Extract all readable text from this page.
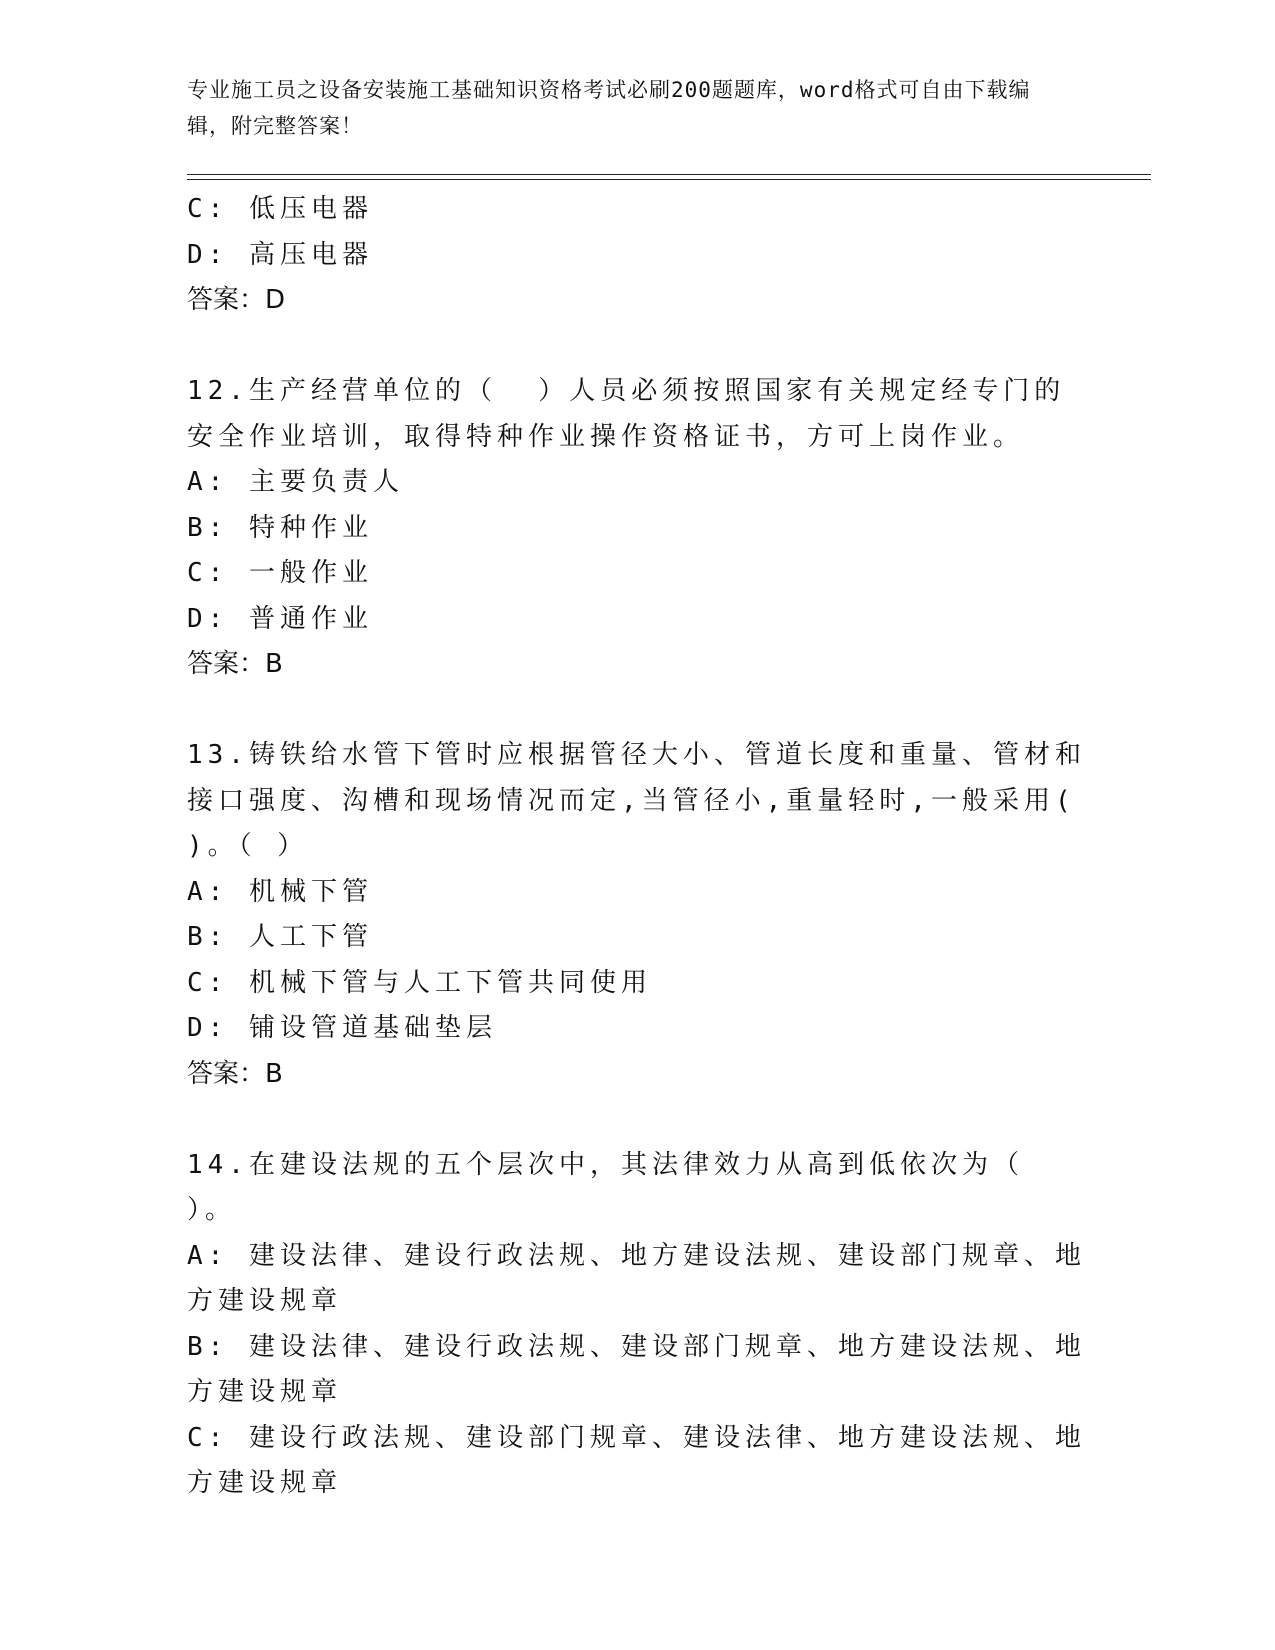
专业施工员之设备安装施工基础知识资格考试必刷200题题库，word格式可自由下载编辑，附完整答案！
C: 低压电器
D: 高压电器
答案：D
12.生产经营单位的（  ）人员必须按照国家有关规定经专门的安全作业培训，取得特种作业操作资格证书，方可上岗作业。
A: 主要负责人
B: 特种作业
C: 一般作业
D: 普通作业
答案：B
13.铸铁给水管下管时应根据管径大小、管道长度和重量、管材和接口强度、沟槽和现场情况而定,当管径小,重量轻时,一般采用( )。（ ）
A: 机械下管
B: 人工下管
C: 机械下管与人工下管共同使用
D: 铺设管道基础垫层
答案：B
14.在建设法规的五个层次中，其法律效力从高到低依次为（  ）。
A: 建设法律、建设行政法规、地方建设法规、建设部门规章、地方建设规章
B: 建设法律、建设行政法规、建设部门规章、地方建设法规、地方建设规章
C: 建设行政法规、建设部门规章、建设法律、地方建设法规、地方建设规章
